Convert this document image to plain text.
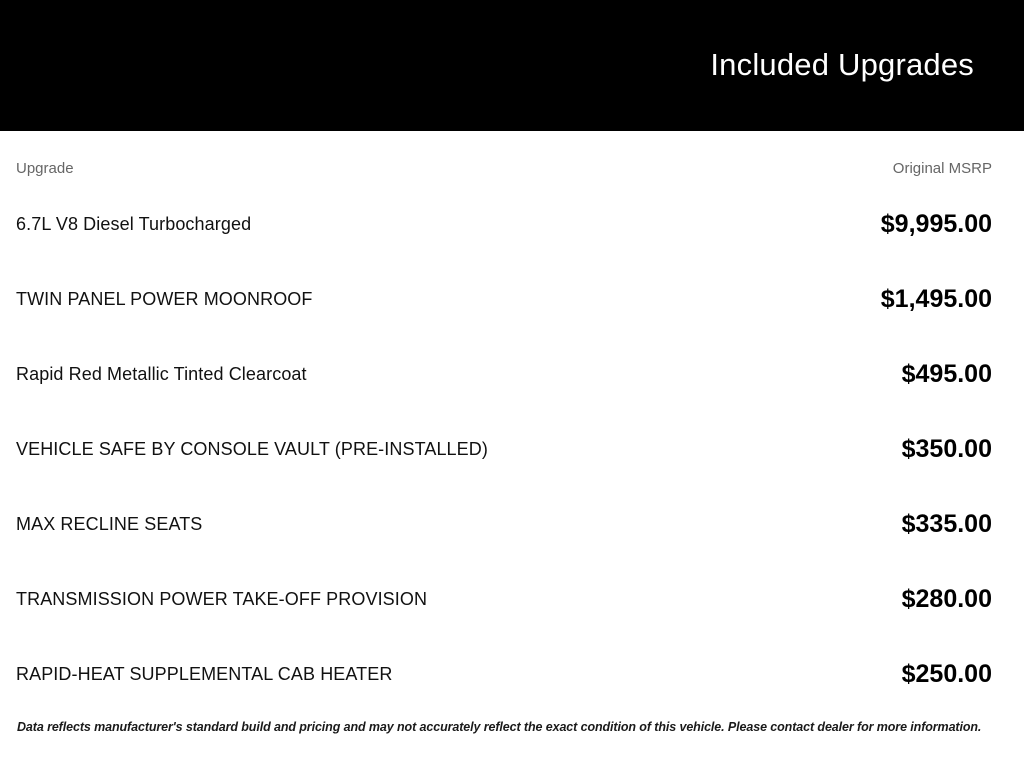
Included Upgrades
Upgrade	Original MSRP
6.7L V8 Diesel Turbocharged	$9,995.00
TWIN PANEL POWER MOONROOF	$1,495.00
Rapid Red Metallic Tinted Clearcoat	$495.00
VEHICLE SAFE BY CONSOLE VAULT (PRE-INSTALLED)	$350.00
MAX RECLINE SEATS	$335.00
TRANSMISSION POWER TAKE-OFF PROVISION	$280.00
RAPID-HEAT SUPPLEMENTAL CAB HEATER	$250.00
Data reflects manufacturer's standard build and pricing and may not accurately reflect the exact condition of this vehicle. Please contact dealer for more information.
